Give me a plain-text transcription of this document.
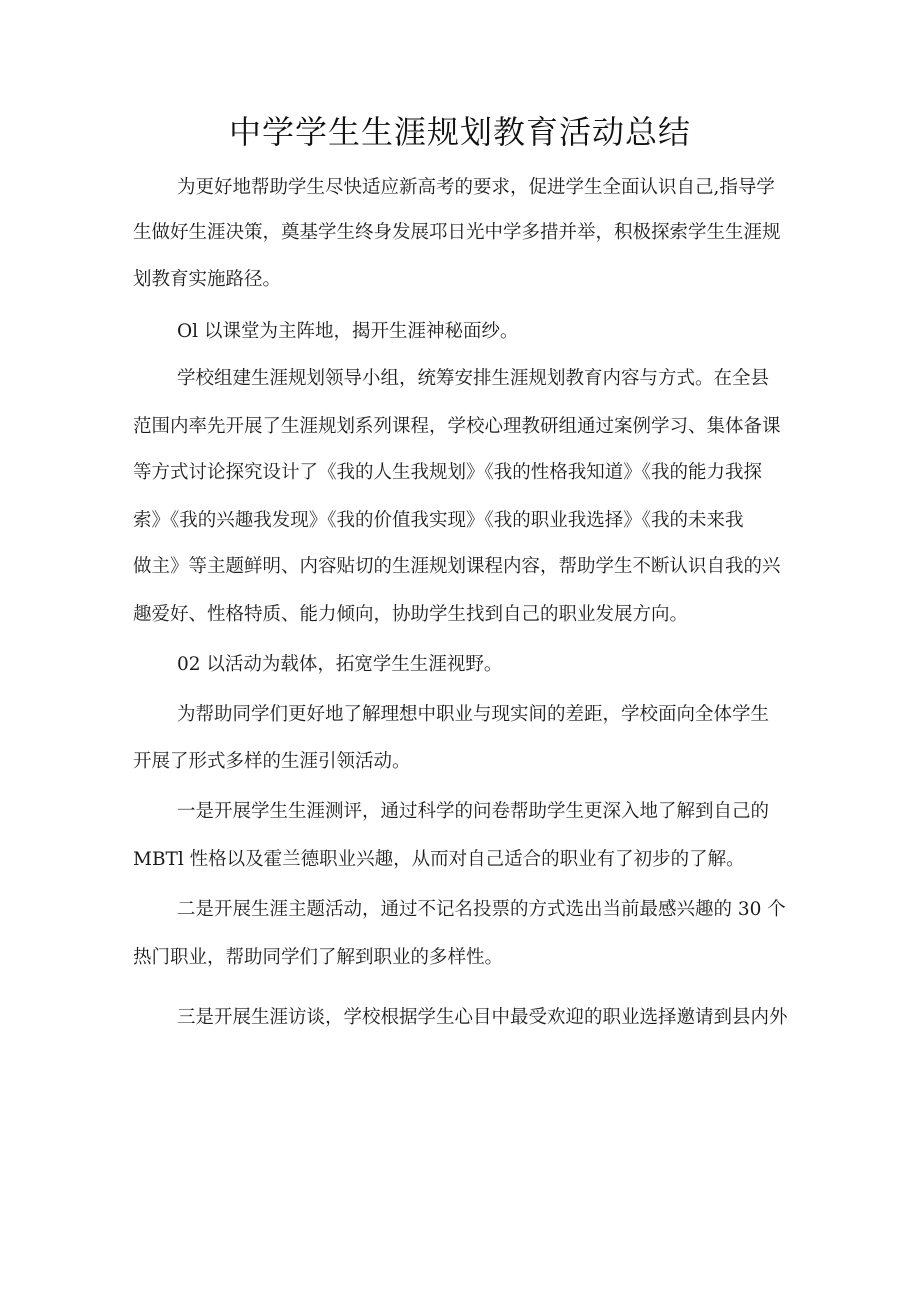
中学学生生涯规划教育活动总结
为更好地帮助学生尽快适应新高考的要求，促进学生全面认识自己,指导学
生做好生涯决策，奠基学生终身发展邛日光中学多措并举，积极探索学生生涯规
划教育实施路径。
Ol 以课堂为主阵地，揭开生涯神秘面纱。
学校组建生涯规划领导小组，统筹安排生涯规划教育内容与方式。在全县
范围内率先开展了生涯规划系列课程，学校心理教研组通过案例学习、集体备课
等方式讨论探究设计了《我的人生我规划》《我的性格我知道》《我的能力我探
索》《我的兴趣我发现》《我的价值我实现》《我的职业我选择》《我的未来我
做主》等主题鲜明、内容贴切的生涯规划课程内容，帮助学生不断认识自我的兴
趣爱好、性格特质、能力倾向，协助学生找到自己的职业发展方向。
02 以活动为载体，拓宽学生生涯视野。
为帮助同学们更好地了解理想中职业与现实间的差距，学校面向全体学生
开展了形式多样的生涯引领活动。
一是开展学生生涯测评，通过科学的问卷帮助学生更深入地了解到自己的
MBTl 性格以及霍兰德职业兴趣，从而对自己适合的职业有了初步的了解。
二是开展生涯主题活动，通过不记名投票的方式选出当前最感兴趣的 30 个
热门职业，帮助同学们了解到职业的多样性。
三是开展生涯访谈，学校根据学生心目中最受欢迎的职业选择邀请到县内外
